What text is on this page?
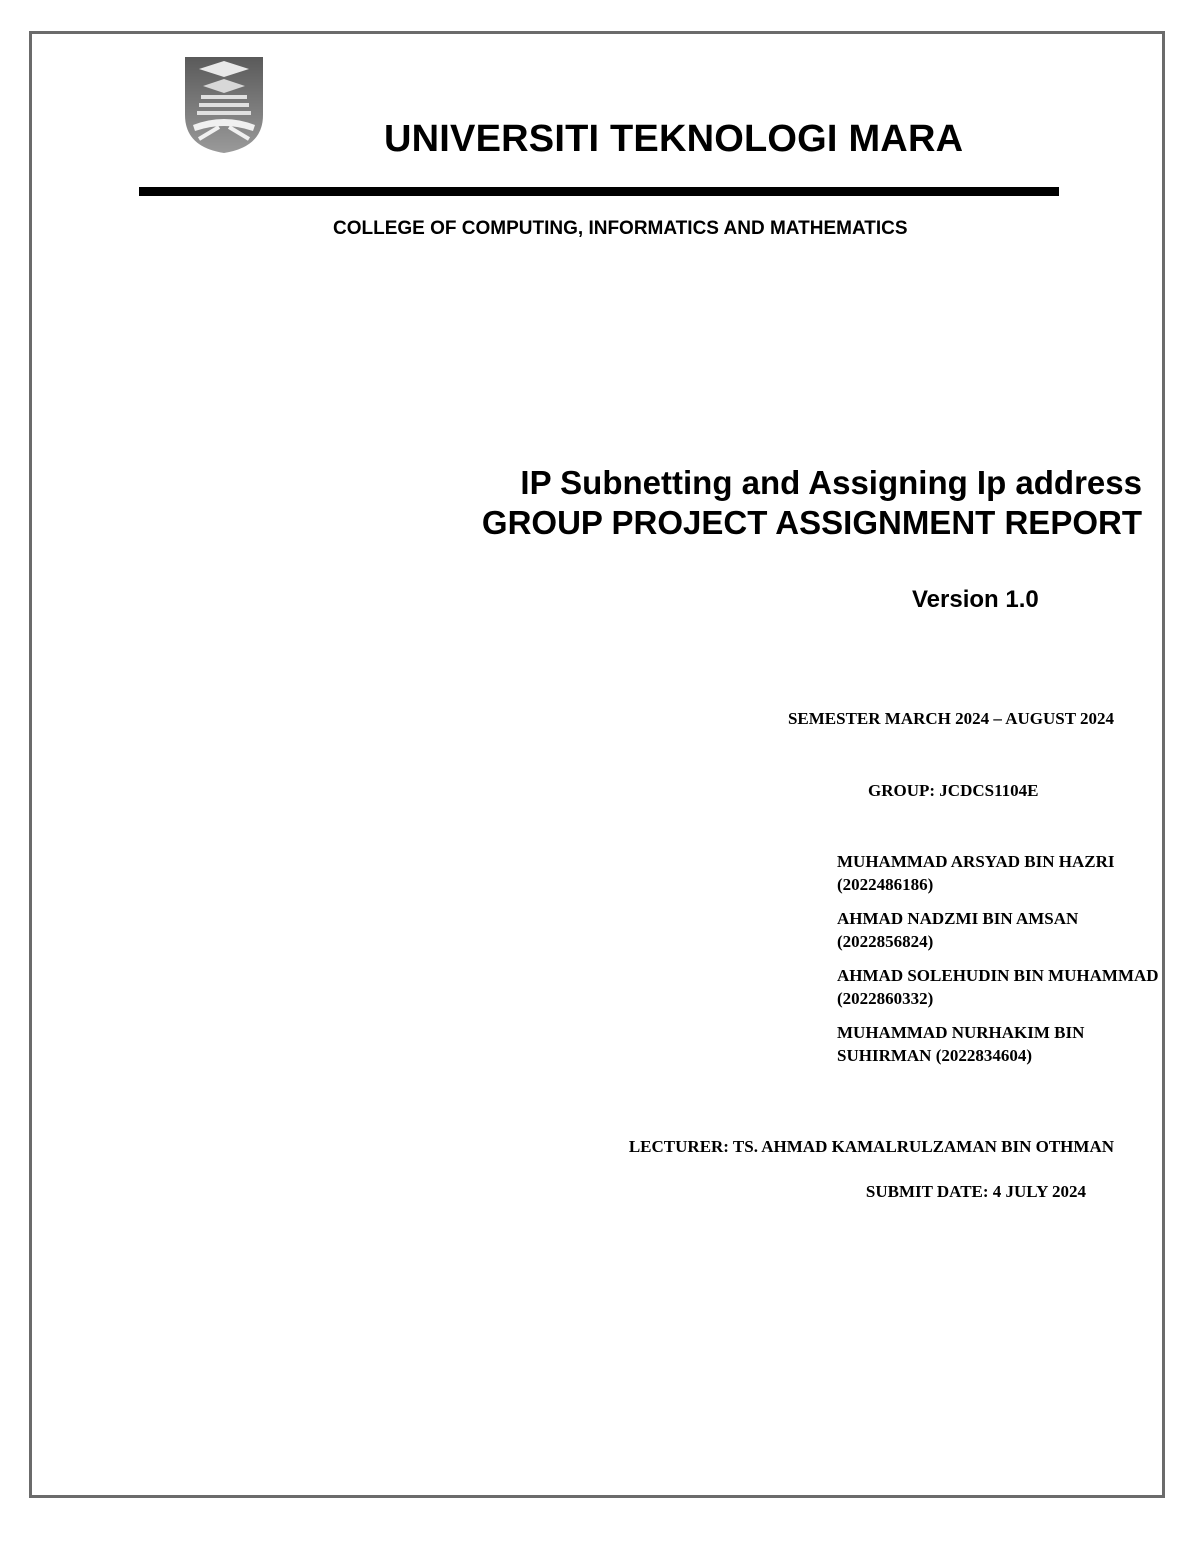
UNIVERSITI TEKNOLOGI MARA
COLLEGE OF COMPUTING, INFORMATICS AND MATHEMATICS
IP Subnetting and Assigning Ip address
GROUP PROJECT ASSIGNMENT REPORT
Version 1.0
SEMESTER MARCH 2024 – AUGUST 2024
GROUP: JCDCS1104E
MUHAMMAD ARSYAD BIN HAZRI (2022486186)
AHMAD NADZMI BIN AMSAN (2022856824)
AHMAD SOLEHUDIN BIN MUHAMMAD (2022860332)
MUHAMMAD NURHAKIM BIN SUHIRMAN (2022834604)
LECTURER: TS. AHMAD KAMALRULZAMAN BIN OTHMAN
SUBMIT DATE: 4 JULY 2024
